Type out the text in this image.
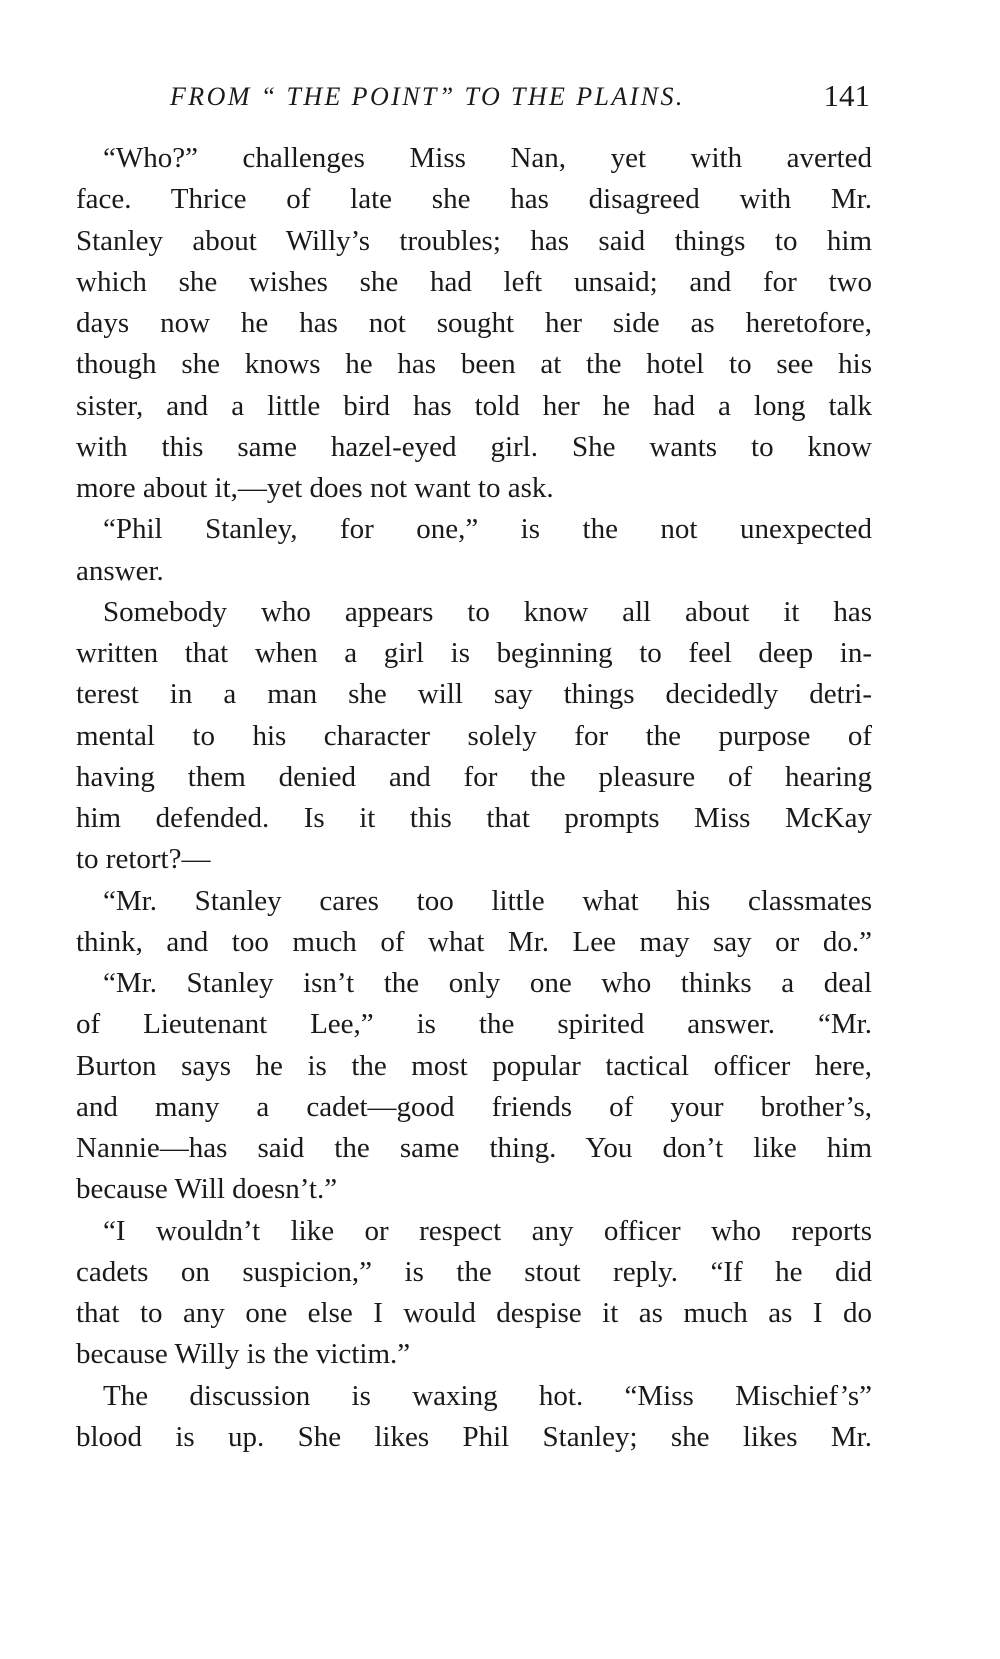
FROM “ THE POINT” TO THE PLAINS.	141
“Who?” challenges Miss Nan, yet with averted
face. Thrice of late she has disagreed with Mr.
Stanley about Willy’s troubles; has said things to him
which she wishes she had left unsaid; and for two
days now he has not sought her side as heretofore,
though she knows he has been at the hotel to see his
sister, and a little bird has told her he had a long talk
with this same hazel-eyed girl. She wants to know
more about it,—yet does not want to ask.
“Phil Stanley, for one,” is the not unexpected
answer.
Somebody who appears to know all about it has
written that when a girl is beginning to feel deep in-
terest in a man she will say things decidedly detri-
mental to his character solely for the purpose of
having them denied and for the pleasure of hearing
him defended. Is it this that prompts Miss McKay
to retort?—
“Mr. Stanley cares too little what his classmates
think, and too much of what Mr. Lee may say or do.”
“Mr. Stanley isn’t the only one who thinks a deal
of Lieutenant Lee,” is the spirited answer. “Mr.
Burton says he is the most popular tactical officer here,
and many a cadet—good friends of your brother’s,
Nannie—has said the same thing. You don’t like him
because Will doesn’t.”
“I wouldn’t like or respect any officer who reports
cadets on suspicion,” is the stout reply. “If he did
that to any one else I would despise it as much as I do
because Willy is the victim.”
The discussion is waxing hot. “Miss Mischief’s”
blood is up. She likes Phil Stanley; she likes Mr.
